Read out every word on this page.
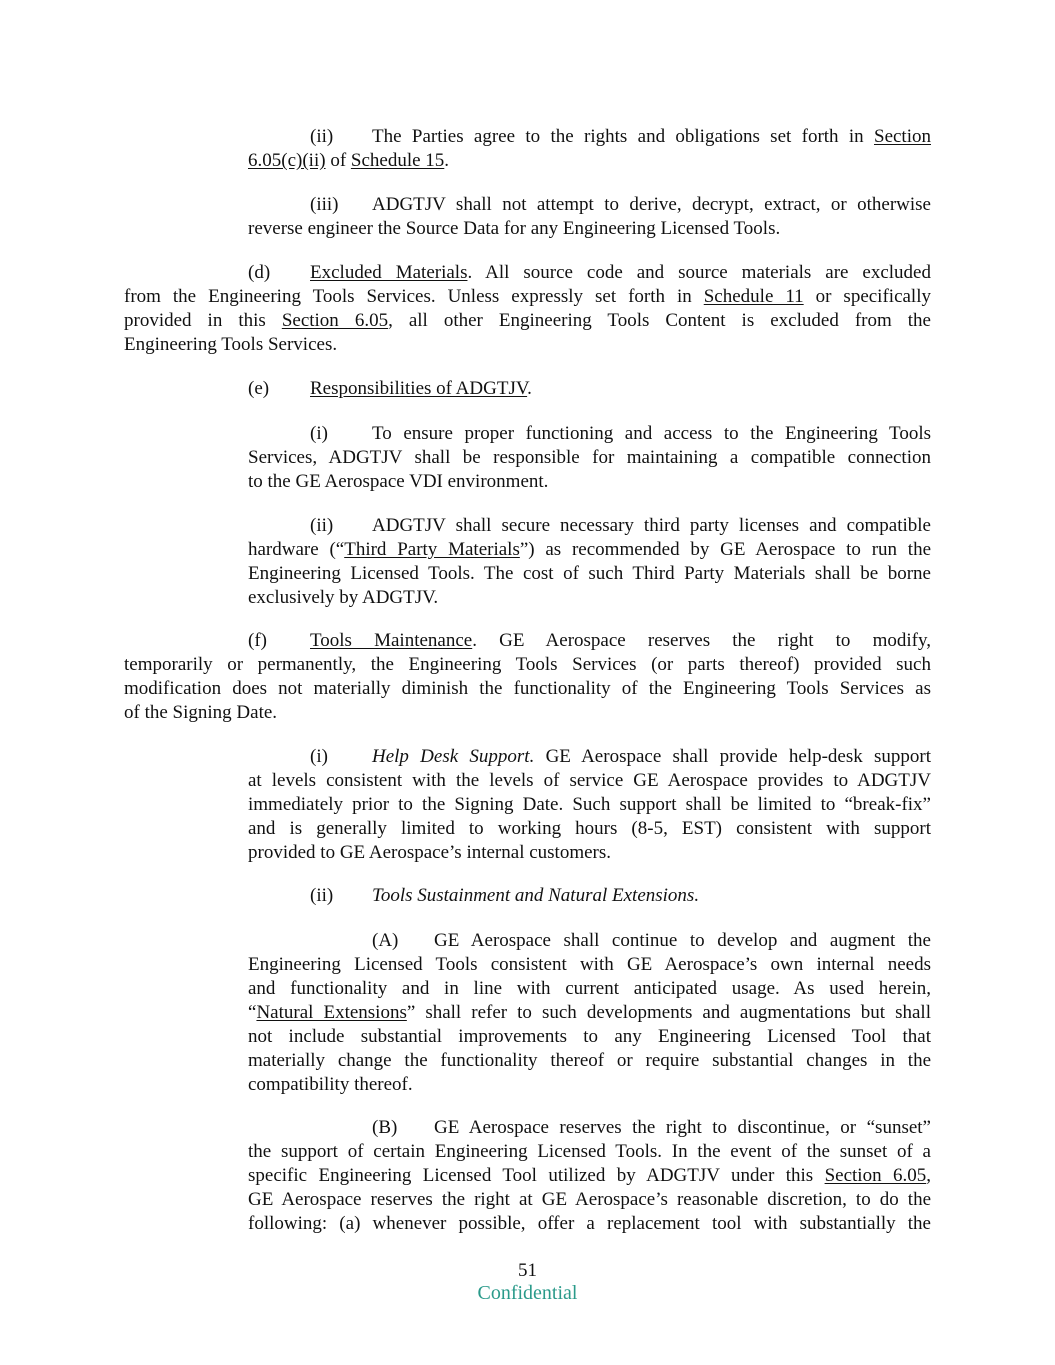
(ii) The Parties agree to the rights and obligations set forth in Section
6.05(c)(ii) of Schedule 15.
(iii) ADGTJV shall not attempt to derive, decrypt, extract, or otherwise
reverse engineer the Source Data for any Engineering Licensed Tools.
(d) Excluded Materials. All source code and source materials are excluded
from the Engineering Tools Services. Unless expressly set forth in Schedule 11 or specifically
provided in this Section 6.05, all other Engineering Tools Content is excluded from the
Engineering Tools Services.
(e) Responsibilities of ADGTJV.
(i) To ensure proper functioning and access to the Engineering Tools
Services, ADGTJV shall be responsible for maintaining a compatible connection
to the GE Aerospace VDI environment.
(ii) ADGTJV shall secure necessary third party licenses and compatible
hardware (“Third Party Materials”) as recommended by GE Aerospace to run the
Engineering Licensed Tools. The cost of such Third Party Materials shall be borne
exclusively by ADGTJV.
(f) Tools Maintenance. GE Aerospace reserves the right to modify,
temporarily or permanently, the Engineering Tools Services (or parts thereof) provided such
modification does not materially diminish the functionality of the Engineering Tools Services as
of the Signing Date.
(i) Help Desk Support. GE Aerospace shall provide help-desk support
at levels consistent with the levels of service GE Aerospace provides to ADGTJV
immediately prior to the Signing Date. Such support shall be limited to “break-fix”
and is generally limited to working hours (8-5, EST) consistent with support
provided to GE Aerospace’s internal customers.
(ii) Tools Sustainment and Natural Extensions.
(A) GE Aerospace shall continue to develop and augment the
Engineering Licensed Tools consistent with GE Aerospace’s own internal needs
and functionality and in line with current anticipated usage. As used herein,
“Natural Extensions” shall refer to such developments and augmentations but shall
not include substantial improvements to any Engineering Licensed Tool that
materially change the functionality thereof or require substantial changes in the
compatibility thereof.
(B) GE Aerospace reserves the right to discontinue, or “sunset”
the support of certain Engineering Licensed Tools. In the event of the sunset of a
specific Engineering Licensed Tool utilized by ADGTJV under this Section 6.05,
GE Aerospace reserves the right at GE Aerospace’s reasonable discretion, to do the
following: (a) whenever possible, offer a replacement tool with substantially the

51

Confidential
